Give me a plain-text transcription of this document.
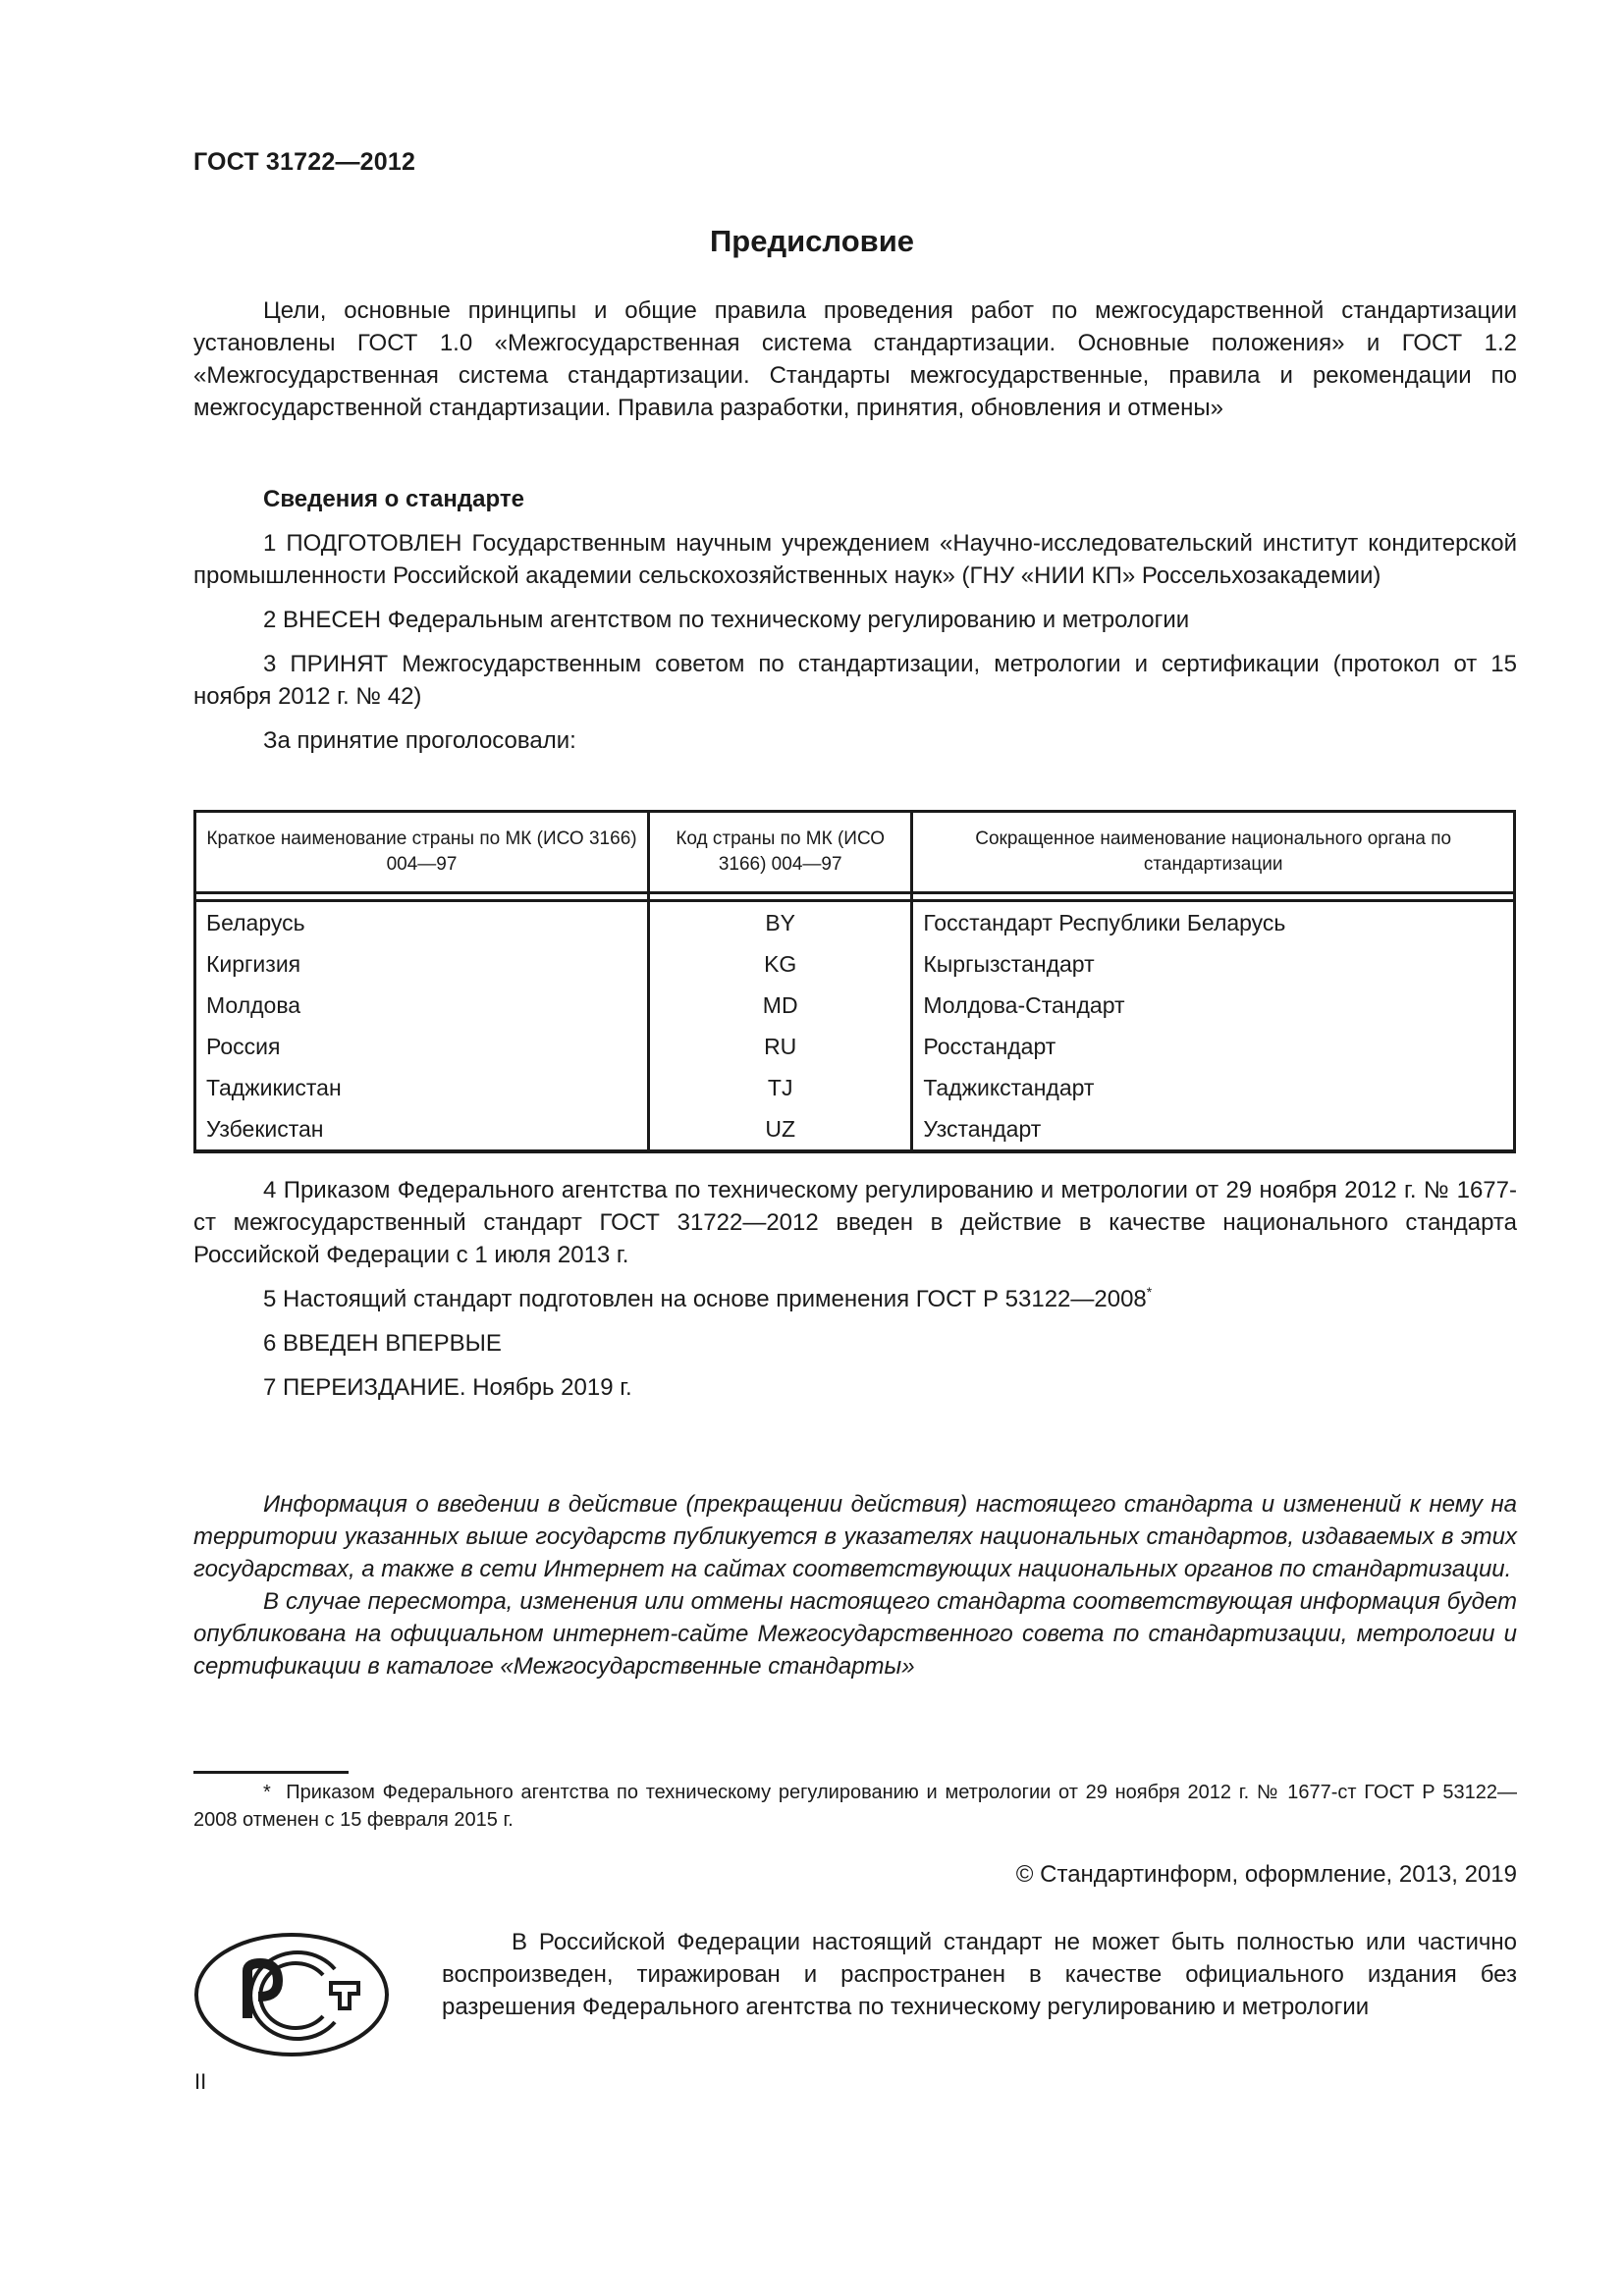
ГОСТ 31722—2012
Предисловие

Цели, основные принципы и общие правила проведения работ по межгосударственной стандартизации установлены ГОСТ 1.0 «Межгосударственная система стандартизации. Основные положения» и ГОСТ 1.2 «Межгосударственная система стандартизации. Стандарты межгосударственные, правила и рекомендации по межгосударственной стандартизации. Правила разработки, принятия, обновления и отмены»

Сведения о стандарте

1 ПОДГОТОВЛЕН Государственным научным учреждением «Научно-исследовательский институт кондитерской промышленности Российской академии сельскохозяйственных наук» (ГНУ «НИИ КП» Россельхозакадемии)

2 ВНЕСЕН Федеральным агентством по техническому регулированию и метрологии

3 ПРИНЯТ Межгосударственным советом по стандартизации, метрологии и сертификации (протокол от 15 ноября 2012 г. № 42)

За принятие проголосовали:

Краткое наименование страны по МК (ИСО 3166) 004—97	Код страны по МК (ИСО 3166) 004—97	Сокращенное наименование национального органа по стандартизации

Беларусь	BY	Госстандарт Республики Беларусь
Киргизия	KG	Кыргызстандарт
Молдова	MD	Молдова-Стандарт
Россия	RU	Росстандарт
Таджикистан	TJ	Таджикстандарт
Узбекистан	UZ	Узстандарт

4 Приказом Федерального агентства по техническому регулированию и метрологии от 29 ноября 2012 г. № 1677-ст межгосударственный стандарт ГОСТ 31722—2012 введен в действие в качестве национального стандарта Российской Федерации с 1 июля 2013 г.

5 Настоящий стандарт подготовлен на основе применения ГОСТ Р 53122—2008*

6 ВВЕДЕН ВПЕРВЫЕ

7 ПЕРЕИЗДАНИЕ. Ноябрь 2019 г.

Информация о введении в действие (прекращении действия) настоящего стандарта и изменений к нему на территории указанных выше государств публикуется в указателях национальных стандартов, издаваемых в этих государствах, а также в сети Интернет на сайтах соответствующих национальных органов по стандартизации.

В случае пересмотра, изменения или отмены настоящего стандарта соответствующая информация будет опубликована на официальном интернет-сайте Межгосударственного совета по стандартизации, метрологии и сертификации в каталоге «Межгосударственные стандарты»

* Приказом Федерального агентства по техническому регулированию и метрологии от 29 ноября 2012 г. № 1677-ст ГОСТ Р 53122—2008 отменен с 15 февраля 2015 г.
© Стандартинформ, оформление, 2013, 2019

В Российской Федерации настоящий стандарт не может быть полностью или частично воспроизведен, тиражирован и распространен в качестве официального издания без разрешения Федерального агентства по техническому регулированию и метрологии

II
